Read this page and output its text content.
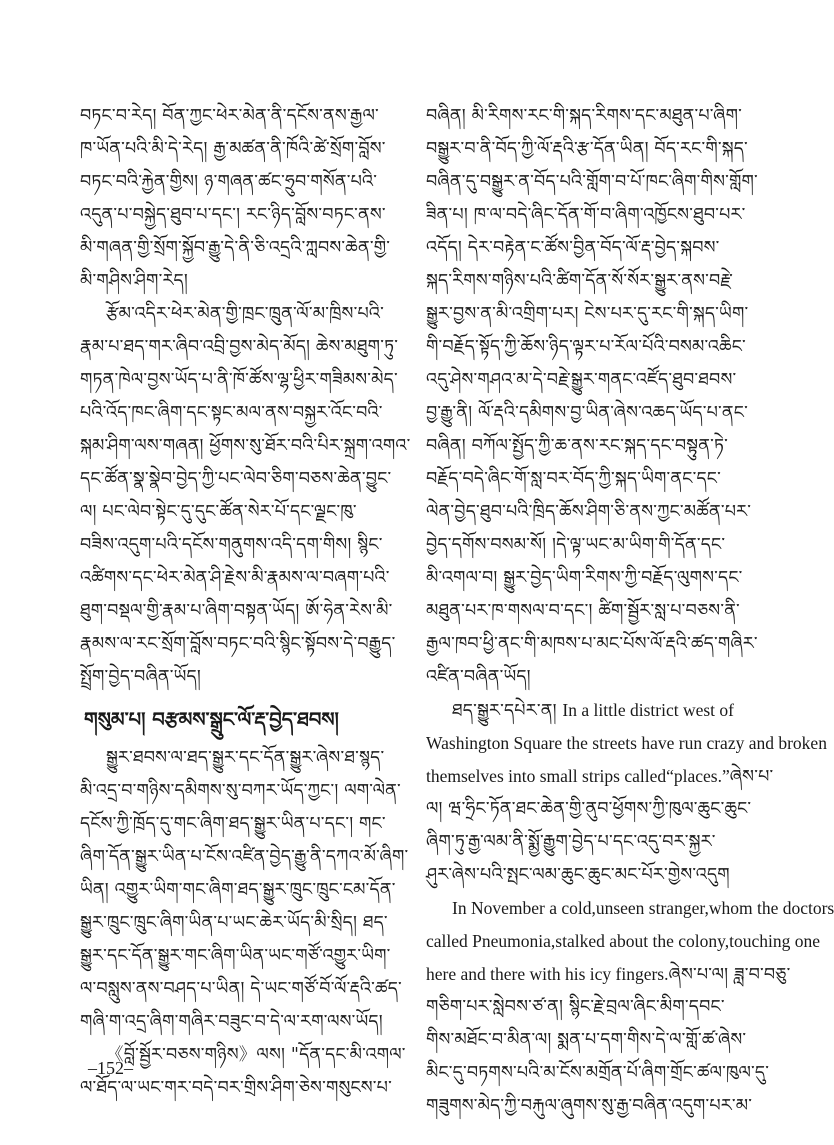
བཏང་བ་རེད། བོན་ཀྱང་ཕེར་མེན་ནི་དངོས་ནས་རྒྱལ་
ཁ་ཡོན་པའི་མི་དེ་རེད། རྒྱ་མཚན་ནི་ཁོའི་ཚེ་སྲོག་བློས་
བཏང་བའི་རྐྱེན་གྱིས། ཉ་གཞན་ཚང་ཧྲུབ་གསོན་པའི་
འདུན་པ་བསྐྱེད་ཐུབ་པ་དང་། རང་ཉིད་བློས་བཏང་ནས་
མི་གཞན་གྱི་སྲོག་སྐྱོབ་རྒྱུ་དེ་ནི་ཅི་འདྲའི་ཀླབས་ཆེན་གྱི་
མི་གཤིས་ཤིག་རེད།
རྩོམ་འདིར་ཕེར་མེན་གྱི་ཁྲང་ཁྲུན་ལོ་མ་ཁྲིས་པའི་
རྣམ་པ་ཐད་གར་ཞིབ་འབྲི་བྱས་མེད་མོད། ཆེས་མཐུག་ཏུ་
གཏན་ཁེལ་བྱས་ཡོད་པ་ནི་ཁོ་ཚོས་ལྷ་ཕྱིར་གཟིམས་མེད་
པའི་འོད་ཁང་ཞིག་དང་སྟང་མལ་ནས་བསྐྱར་འོང་བའི་
སྐམ་ཤིག་ལས་གཞན། ཕྱོགས་སུ་ཐོར་བའི་པིར་སྐྲག་འགའ་
དང་ཚོན་སྣ་སྣེབ་བྱེད་ཀྱི་པང་ལེབ་ཅིག་བཅས་ཆེན་བྱུང་
ལ། པང་ལེབ་སྟེང་དུ་དུང་ཚོན་སེར་པོ་དང་ལྗང་ཁུ་
བཟིས་འདུག་པའི་དངོས་གནུགས་འདི་དག་གིས། སྙིང་
འཚིགས་དང་ཕེར་མེན་ཤི་རྗེས་མི་རྣམས་ལ་བཞག་པའི་
ཐུག་བསྡལ་གྱི་རྣམ་པ་ཞིག་བསྟན་ཡོད། ཨོ་ཧེན་རེས་མི་
རྣམས་ལ་རང་སྲོག་བློས་བཏང་བའི་སྙིང་སྟོབས་དེ་བརྒྱུད་
སྤྲོག་བྱེད་བཞིན་ཡོད།
གསུམ་པ། བརྩམས་སྒྲུང་ལོ་རྡ་བྱེད་ཐབས།
སྒྱུར་ཐབས་ལ་ཐད་སྒྱུར་དང་དོན་སྒྱུར་ཞེས་ཐ་སྙད་
མི་འདྲ་བ་གཉིས་དམིགས་སུ་བཀར་ཡོད་ཀྱང་། ལག་ལེན་
དངོས་ཀྱི་ཁྲོད་དུ་གང་ཞིག་ཐད་སྒྱུར་ཡིན་པ་དང་། གང་
ཞིག་དོན་སྒྱུར་ཡིན་པ་ངོས་འཛིན་བྱེད་རྒྱུ་ནི་དཀའ་མོ་ཞིག་
ཡིན། འགྱུར་ཡིག་གང་ཞིག་ཐད་སྒྱུར་ཁྲུང་ཁྲུང་ངམ་དོན་
སྒྱུར་ཁྲུང་ཁྲུང་ཞིག་ཡིན་པ་ཡང་ཆེར་ཡོད་མི་སྲིད། ཐད་
སྒྱུར་དང་དོན་སྒྱུར་གང་ཞིག་ཡིན་ཡང་གཙོ་འགྱུར་ཡིག་
ལ་བསླུས་ནས་བཤད་པ་ཡིན། དེ་ཡང་གཙོ་བོ་ལོ་རྡའི་ཚད་
གཞི་ག་འདྲ་ཞིག་གཞིར་བཟུང་བ་དེ་ལ་རག་ལས་ཡོད།
《བློ་སྦྱོར་བཅས་གཉིས》ལས། "དོན་དང་མི་འགལ་
ལ་ཐོད་ལ་ཡང་གར་བདེ་བར་གྲིས་ཤིག་ཅེས་གསུངས་པ་
བཞིན། མི་རིགས་རང་གི་སྐད་རིགས་དང་མཐུན་པ་ཞིག་
བསྒྱུར་བ་ནི་བོད་ཀྱི་ལོ་རྡའི་རྩ་དོན་ཡིན། བོད་རང་གི་སྐད་
བཞིན་དུ་བསྒྱུར་ན་བོད་པའི་གློག་བ་པོ་ཁང་ཞིག་གིས་གློག་
ཟིན་པ། ཁ་ལ་བདེ་ཞིང་དོན་གོ་བ་ཞིག་འཁྱོངས་ཐུབ་པར་
འདོད། དེར་བརྟེན་ང་ཚོས་བྱིན་བོད་ལོ་རྡ་བྱེད་སྐབས་
སྐད་རིགས་གཉིས་པའི་ཚིག་དོན་སོ་སོར་སྒྱུར་ནས་བརྗེ་
སྒྱུར་བྱས་ན་མི་འགྲིག་པར། ངེས་པར་དུ་རང་གི་སྐད་ཡིག་
གི་བརྗོད་སྟོད་ཀྱི་ཆོས་ཉིད་ལྟར་པ་རོལ་པོའི་བསམ་འཆིང་
འདུ་ཤེས་གཤའ་མ་དེ་བརྗེ་སྒྱུར་གནང་འཛོད་ཐུབ་ཐབས་
བྱ་རྒྱུ་ནི། ལོ་རྡའི་དམིགས་བྱ་ཡིན་ཞེས་འཆད་ཡོད་པ་ནང་
བཞིན། བཀོལ་སྤྱོད་ཀྱི་ཆ་ནས་རང་སྐད་དང་བསྟུན་ཏེ་
བརྗོད་བདེ་ཞིང་གོ་སླ་བར་བོད་ཀྱི་སྐད་ཡིག་ནང་དང་
ལེན་བྱེད་ཐུབ་པའི་ཁྲིད་ཆོས་ཤིག་ཅི་ནས་ཀྱང་མཚོན་པར་
བྱེད་དགོས་བསམ་སོ། །དེ་ལྟ་ཡང་མ་ཡིག་གི་དོན་དང་
མི་འགལ་བ། སྒྱུར་བྱེད་ཡིག་རིགས་ཀྱི་བརྗོད་ལུགས་དང་
མཐུན་པར་ཁ་གསལ་བ་དང་། ཚིག་སྦྱོར་སླ་པ་བཅས་ནི་
རྒྱལ་ཁབ་ཕྱི་ནང་གི་མཁས་པ་མང་པོས་ལོ་རྡའི་ཚད་གཞིར་
འཛིན་བཞིན་ཡོད།
ཐད་སྒྱུར་དཔེར་ན། In a little district west of
Washington Square the streets have run crazy and broken
themselves into small strips called“places.”ཞེས་པ་
ལ། ཝ་ཧྲིང་ཏོན་ཐང་ཆེན་གྱི་ནུབ་ཕྱོགས་ཀྱི་ཁུལ་ཆུང་ཆུང་
ཞིག་ཏུ་རྒྱ་ལམ་ནི་སྨྱོ་རྒྱུག་བྱེད་པ་དང་འདུ་བར་སྐྱར་
ཤུར་ཞེས་པའི་སྤང་ལམ་ཆུང་ཆུང་མང་པོར་གྱེས་འདུག
In November a cold,unseen stranger,whom the doctors
called Pneumonia,stalked about the colony,touching one
here and there with his icy fingers.ཞེས་པ་ལ། ཟླ་བ་བཅུ་
གཅིག་པར་སླེབས་ཙ་ན། སྙིང་རྗེ་བྲལ་ཞིང་མིག་དབང་
གིས་མཐོང་བ་མིན་ལ། སྨན་པ་དག་གིས་དེ་ལ་གློ་ཚ་ཞེས་
མིང་དུ་བཏགས་པའི་མ་ངོས་མགྲོན་པོ་ཞིག་གྲོང་ཚལ་ཁུལ་དུ་
གཟུགས་མེད་ཀྱི་བརྐུལ་ཞུགས་སུ་རྒྱ་བཞིན་འདུག་པར་མ་
–152–
